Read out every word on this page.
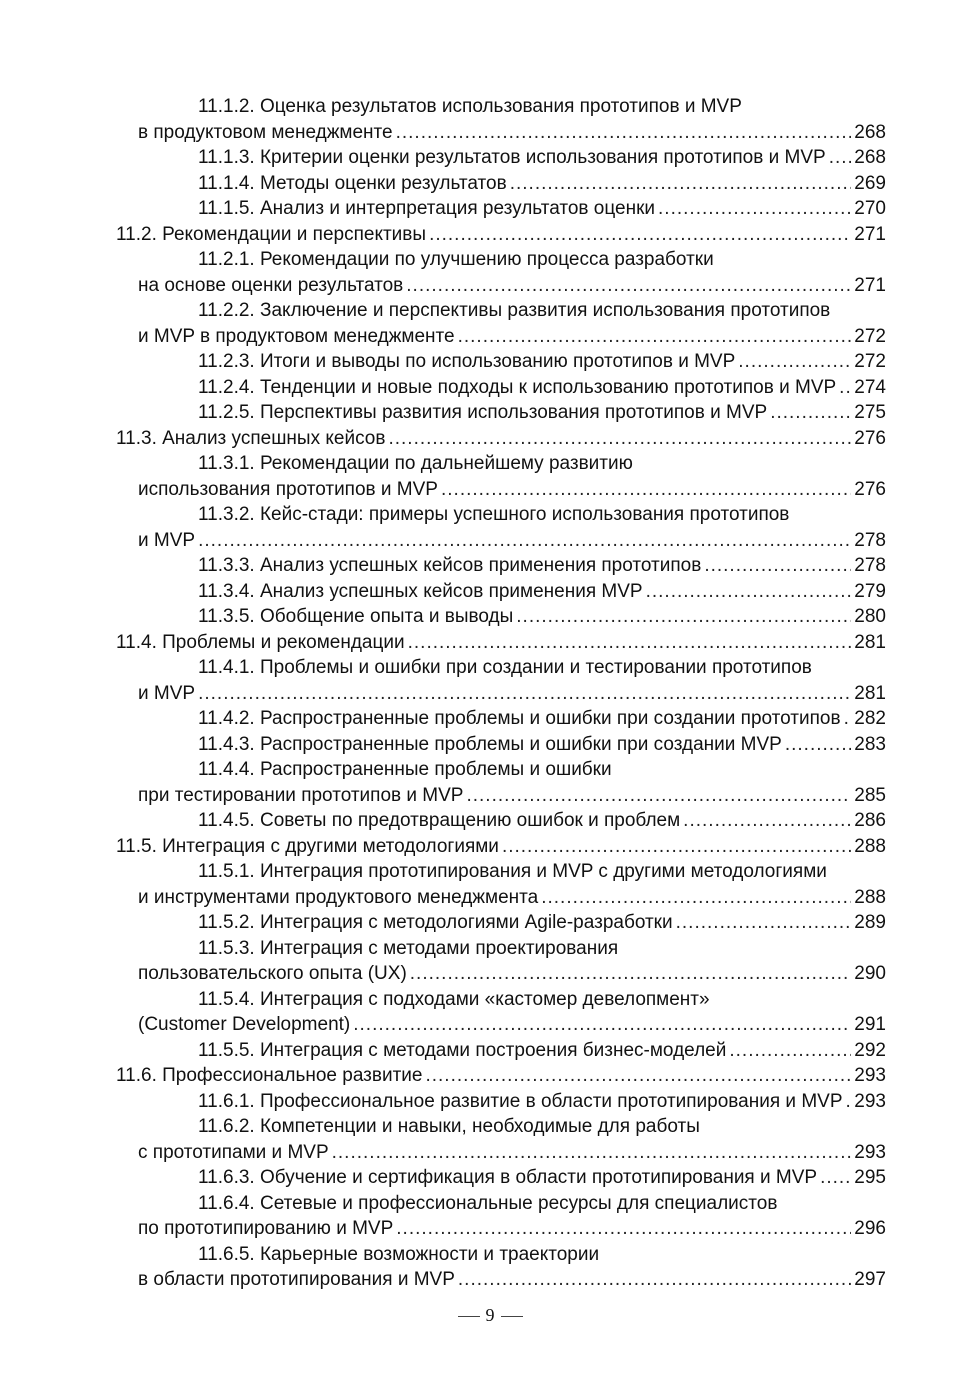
11.1.2. Оценка результатов использования прототипов и MVP
в продуктовом менеджменте .....	268
11.1.3. Критерии оценки результатов использования прототипов и MVP ..... 268
11.1.4. Методы оценки результатов .....	269
11.1.5. Анализ и интерпретация результатов оценки .....	270
11.2. Рекомендации и перспективы .....	271
11.2.1. Рекомендации по улучшению процесса разработки
на основе оценки результатов .....	271
11.2.2. Заключение и перспективы развития использования прототипов
и MVP в продуктовом менеджменте .....	272
11.2.3. Итоги и выводы по использованию прототипов и MVP .....	272
11.2.4. Тенденции и новые подходы к использованию прототипов и MVP ..... 274
11.2.5. Перспективы развития использования прототипов и MVP .....	275
11.3. Анализ успешных кейсов .....	276
11.3.1. Рекомендации по дальнейшему развитию
использования прототипов и MVP .....	276
11.3.2. Кейс-стади: примеры успешного использования прототипов
и MVP .....	278
11.3.3. Анализ успешных кейсов применения прототипов .....	278
11.3.4. Анализ успешных кейсов применения MVP .....	279
11.3.5. Обобщение опыта и выводы .....	280
11.4. Проблемы и рекомендации .....	281
11.4.1. Проблемы и ошибки при создании и тестировании прототипов
и MVP .....	281
11.4.2. Распространенные проблемы и ошибки при создании прототипов ..... 282
11.4.3. Распространенные проблемы и ошибки при создании MVP .....	283
11.4.4. Распространенные проблемы и ошибки
при тестировании прототипов и MVP .....	285
11.4.5. Советы по предотвращению ошибок и проблем .....	286
11.5. Интеграция с другими методологиями .....	288
11.5.1. Интеграция прототипирования и MVP с другими методологиями
и инструментами продуктового менеджмента .....	288
11.5.2. Интеграция с методологиями Agile-разработки .....	289
11.5.3. Интеграция с методами проектирования
пользовательского опыта (UX) .....	290
11.5.4. Интеграция с подходами «кастомер девелопмент»
(Customer Development) .....	291
11.5.5. Интеграция с методами построения бизнес-моделей .....	292
11.6. Профессиональное развитие .....	293
11.6.1. Профессиональное развитие в области прототипирования и MVP ..... 293
11.6.2. Компетенции и навыки, необходимые для работы
с прототипами и MVP .....	293
11.6.3. Обучение и сертификация в области прототипирования и MVP ..... 295
11.6.4. Сетевые и профессиональные ресурсы для специалистов
по прототипированию и MVP .....	296
11.6.5. Карьерные возможности и траектории
в области прототипирования и MVP .....	297
9
